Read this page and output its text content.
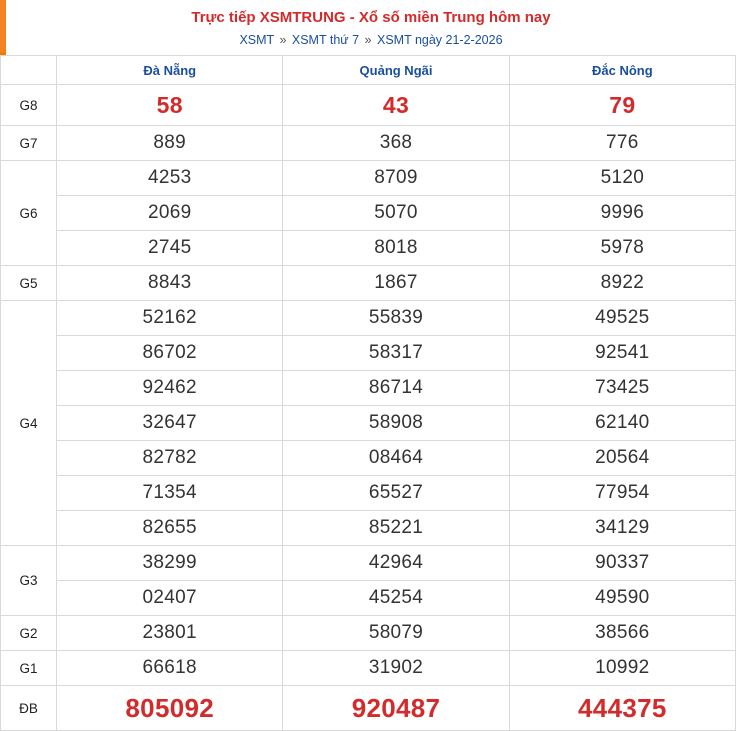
Trực tiếp XSMTRUNG - Xổ số miền Trung hôm nay
XSMT » XSMT thứ 7 » XSMT ngày 21-2-2026
	Đà Nẵng	Quảng Ngãi	Đắc Nông
G8	58	43	79
G7	889	368	776
G6	4253	8709	5120
	2069	5070	9996
	2745	8018	5978
G5	8843	1867	8922
G4	52162	55839	49525
	86702	58317	92541
	92462	86714	73425
	32647	58908	62140
	82782	08464	20564
	71354	65527	77954
	82655	85221	34129
G3	38299	42964	90337
	02407	45254	49590
G2	23801	58079	38566
G1	66618	31902	10992
ĐB	805092	920487	444375
